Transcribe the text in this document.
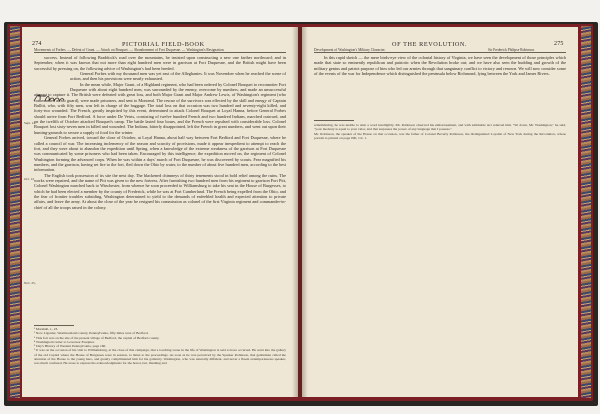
274	PICTORIAL FIELD-BOOK
Movements of Forbes. — Defeat of Grant. — Attack on Bouquet. — Abandonment of Fort Duquesne. — Washington's Resignation.

success. Instead of following Braddock's road over the mountains, he insisted upon constructing a new one farther northward; and in September, when it was known that not more than eight hundred men were in garrison at Fort Duquesne, and the British might have been successful by pressing on, the following advice of Washington's had been heeded.

General Forbes with my thousand men was yet east of the Alleghanies. It was November when he reached the scene of action, and then his provisions were nearly exhausted.

In the mean while, Major Grant, of a Highland regiment, who had been ordered by Colonel Bouquet to reconnoiter Fort Duquesne with about eight hundred men, was surrounded by the enemy, overcome by numbers, and made an unsuccessful attempt to capture it. The British were defeated with great loss, and both Major Grant and Major Andrew Lewis, of Washington's regiment (who commanded a rear guard), were made prisoners, and sent to Montreal. The rescue of the survivors was effected by the skill and energy of Captain Bullitt, who, with fifty men, was left in charge of the baggage. The total loss on that occasion was two hundred and seventy-eight killed, and forty-two wounded. The French, greatly inspirited by this event, determined to attack Colonel Bouquet at Loyal Hanna, before General Forbes should arrive from Fort Bedford. A force under De Vetris, consisting of twelve hundred French and two hundred Indians, marched outward, and on the twelfth of October attacked Bouquet's camp. The battle lasted four hours, and the French were repulsed with considerable loss. Colonel Bouquet lost sixty-seven men in killed and wounded. The Indians, bitterly disappointed, left the French in great numbers, and went out upon their hunting-grounds to secure a supply of food for the winter.

General Forbes arrived, toward the close of October, at Loyal Hanna, about half way between Fort Bedford and Fort Duquesne, where he called a council of war. The increasing inclemency of the season and scarcity of provisions, made it appear inexpedient to attempt to reach the fort, and they were about to abandon the expedition until Spring, when a knowledge of the extreme weakness of the garrison at Fort Duquesne was communicated by some prisoners who had been taken. Encouraged by this intelligence, the expedition moved on, the regiment of Colonel Washington forming the advanced corps. When he was within a days' march of Fort Duquesne, he was discovered by scouts. Fear magnified his numbers, and the garrison, having set fire to the fort, fled down the Ohio by water, to the number of about five hundred men, according to the best information.

The English took possession of its site the next day. The blackened chimneys of thirty tenements stood in bold relief among the ruins. The works were repaired, and the name of Pitt was given to the new fortress. After furnishing two hundred men from his regiment to garrison Fort Pitt, Colonel Washington marched back to Winchester, from whence he soon proceeded to Williamsburg to take his seat in the House of Burgesses, to which he had been elected a member by the county of Frederick, while he was at Fort Cumberland. The French being expelled from the Ohio, and the fear of frontier troubles subsiding, Washington determined to yield to the demands of enfeebled health and expected attention to private affairs, and leave the army. At about the close of the year he resigned his commission as colonel of the first Virginia regiment and commander-in-chief of all the troops raised in the colony.

Sept. 14,
Oct. 12
Nov. 25,
¹ Marshall, i., 23.
² Now Ligonier, Westmoreland county, Pennsylvania, fifty miles west of Bedford.
³ This fort was on the site of the present village of Bedford, the capital of Bedford county.
⁴ Washington's letter to Governor Fauquier.
⁵ Day's History of Western Pennsylvania, page 160.
⁶ It was on the occasion of his visit to Williamsburg, at the close of this campaign, that a touching scene in the life of Washington is said to have occurred. He went into the gallery of the old Capitol where the House of Burgesses were in session, to listen to the proceedings. As soon as he was perceived by the Speaker Robinson, that gentleman called the attention of the House to the young hero, and greatly complimented him for his gallantry. Washington, who was naturally diffident, and never a fluent extemporaneous speaker, was much confused. He arose to express his acknowledgments for the honor, but, blushing and
OF THE REVOLUTION.	275
Development of Washington's Military Character.	Sir Frederick Philipse Robinson.

In this rapid sketch — the mere birds-eye view of the colonial history of Virginia, we have seen the development of those principles which made that state so eminently republican and patriotic when the Revolution broke out; and we have also seen the budding and growth of the military genius and patriot purpose of him who led our armies through that sanguinary conflict to victory and renown. We will now consider some of the events of the war for Independence which distinguished the peninsula below Richmond, lying between the York and James Rivers.

remembering, he was unable to utter a word intelligibly. Mr. Robinson observed his embarrassment, and with admirable tact relieved him. "Sit down, Mr. Washington," he said, "your modesty is equal to your valor, and that surpasses the power of any language that I possess."
Mr. Robinson, the speaker of the House on that occasion, was the father of Colonel Beverly Robinson, the distinguished Loyalist of New York during the Revolution, whose portrait is printed on page 000, vol. 1.
